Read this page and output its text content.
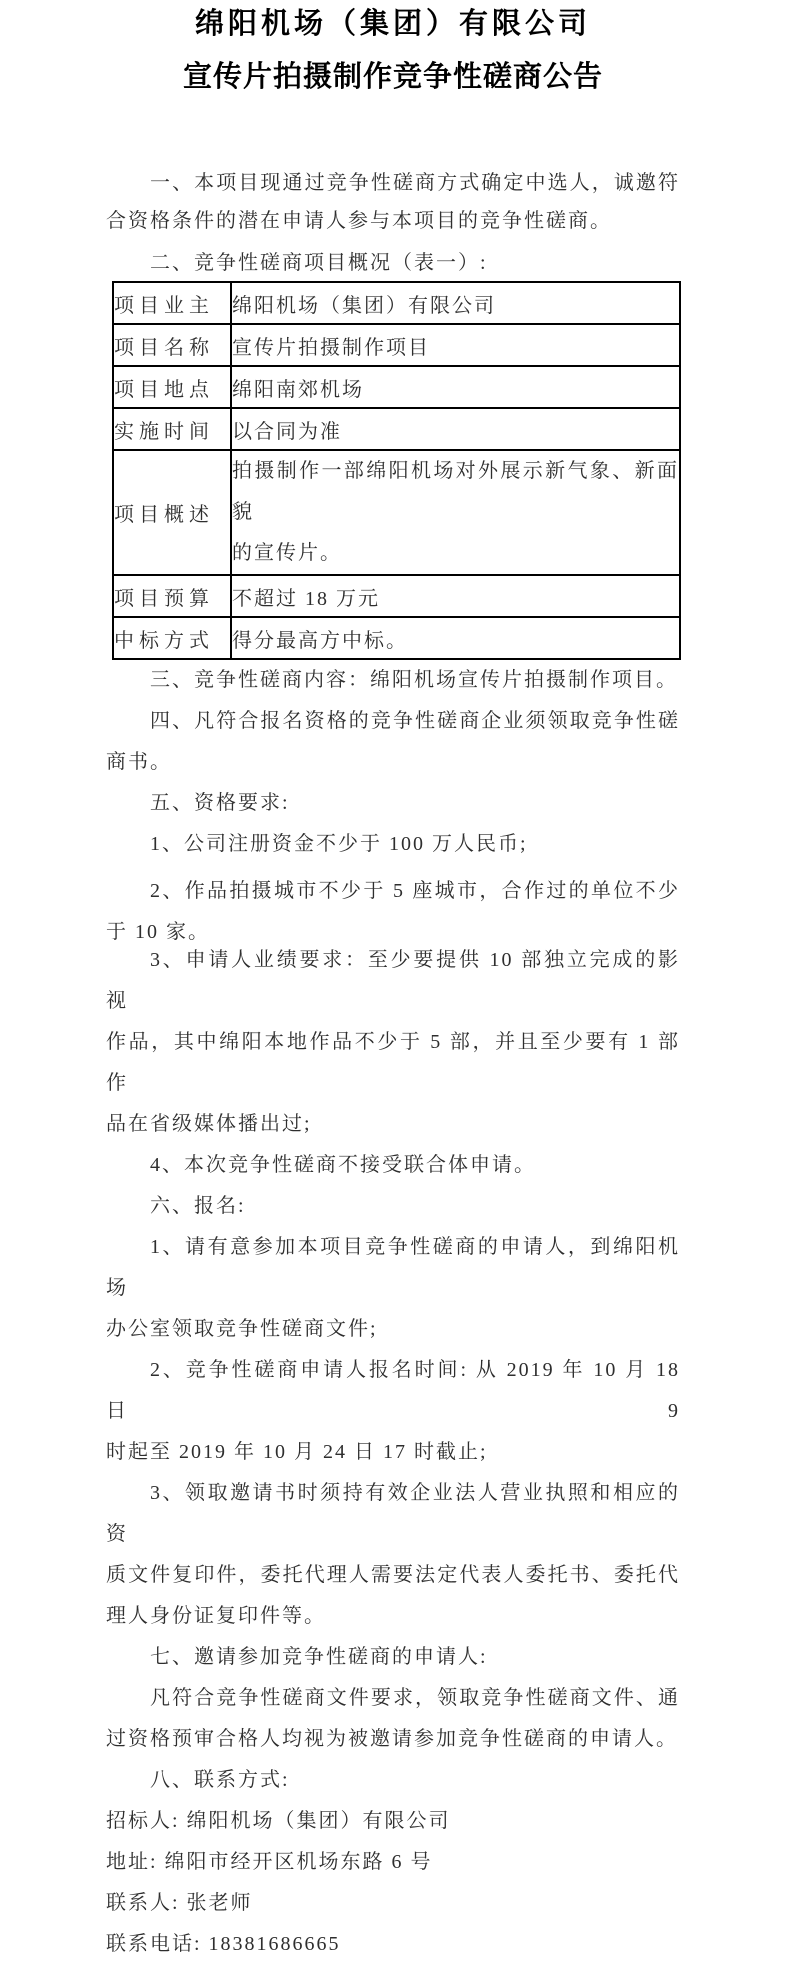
绵阳机场（集团）有限公司
宣传片拍摄制作竞争性磋商公告

一、本项目现通过竞争性磋商方式确定中选人，诚邀符
合资格条件的潜在申请人参与本项目的竞争性磋商。

二、竞争性磋商项目概况（表一）:

项目业主	绵阳机场（集团）有限公司
项目名称	宣传片拍摄制作项目
项目地点	绵阳南郊机场
实施时间	以合同为准
项目概述	拍摄制作一部绵阳机场对外展示新气象、新面貌
的宣传片。

项目预算	不超过 18 万元
中标方式	得分最高方中标。

三、竞争性磋商内容：绵阳机场宣传片拍摄制作项目。

四、凡符合报名资格的竞争性磋商企业须领取竞争性磋
商书。

五、资格要求:

1、公司注册资金不少于 100 万人民币;

2、作品拍摄城市不少于 5 座城市，合作过的单位不少
于 10 家。

3、申请人业绩要求：至少要提供 10 部独立完成的影视
作品，其中绵阳本地作品不少于 5 部，并且至少要有 1 部作
品在省级媒体播出过;

4、本次竞争性磋商不接受联合体申请。

六、报名:

1、请有意参加本项目竞争性磋商的申请人，到绵阳机场
办公室领取竞争性磋商文件;

2、竞争性磋商申请人报名时间: 从 2019 年 10 月 18 日 9
时起至 2019 年 10 月 24 日 17 时截止;

3、领取邀请书时须持有效企业法人营业执照和相应的资
质文件复印件，委托代理人需要法定代表人委托书、委托代
理人身份证复印件等。

七、邀请参加竞争性磋商的申请人:

凡符合竞争性磋商文件要求，领取竞争性磋商文件、通
过资格预审合格人均视为被邀请参加竞争性磋商的申请人。

八、联系方式:

招标人: 绵阳机场（集团）有限公司

地址: 绵阳市经开区机场东路 6 号

联系人: 张老师

联系电话: 18381686665
